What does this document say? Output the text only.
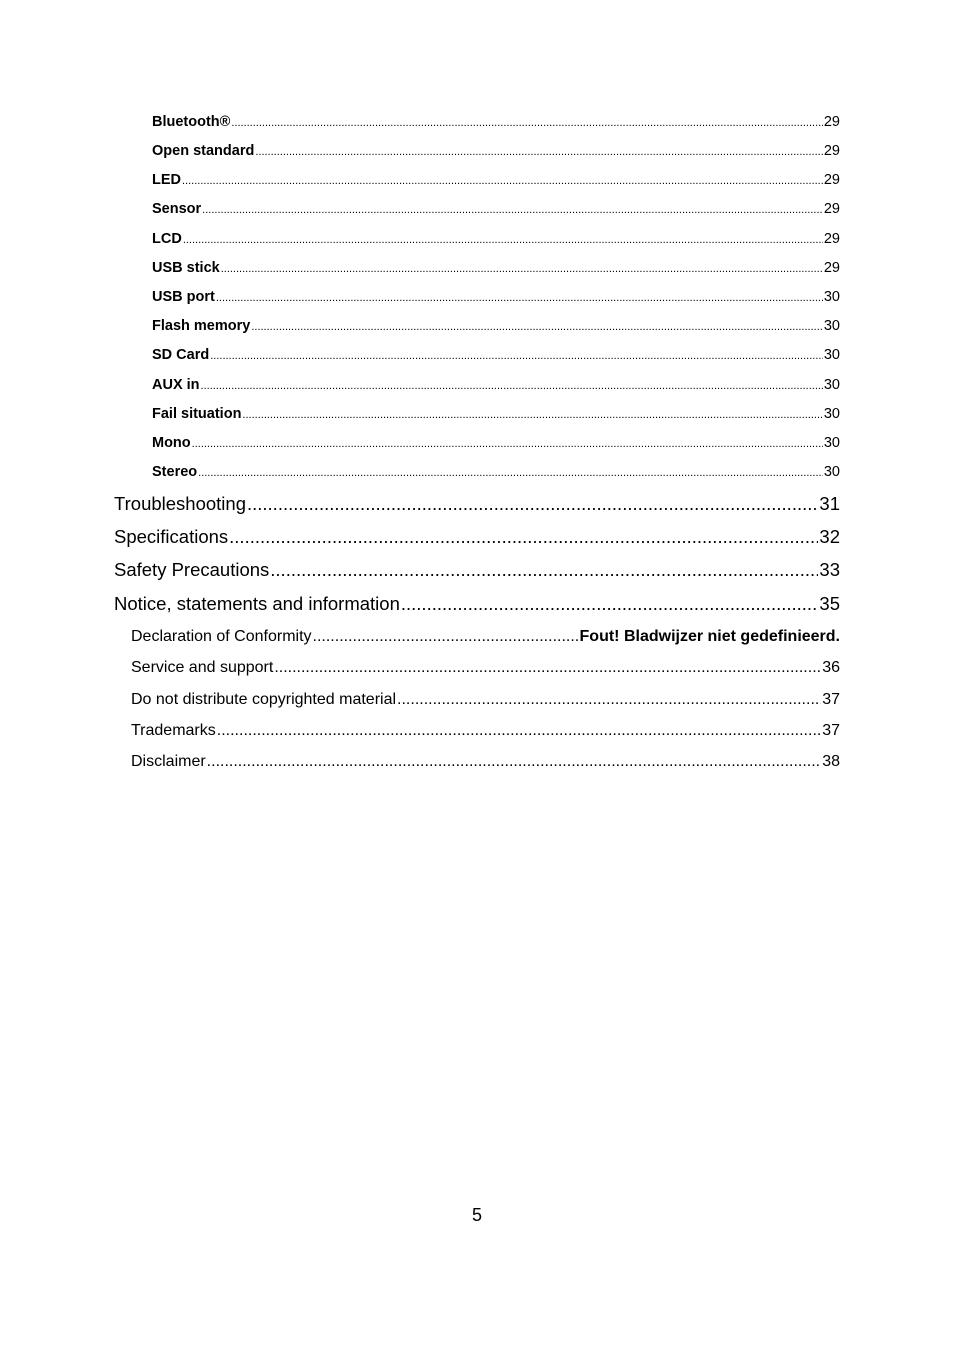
Bluetooth® .....	29
Open standard .....	29
LED .....	29
Sensor .....	29
LCD .....	29
USB stick .....	29
USB port .....	30
Flash memory .....	30
SD Card .....	30
AUX in .....	30
Fail situation .....	30
Mono .....	30
Stereo .....	30
Troubleshooting .....	31
Specifications .....	32
Safety Precautions .....	33
Notice, statements and information .....	35
Declaration of Conformity .....	Fout! Bladwijzer niet gedefinieerd.
Service and support .....	36
Do not distribute copyrighted material .....	37
Trademarks .....	37
Disclaimer .....	38
5
